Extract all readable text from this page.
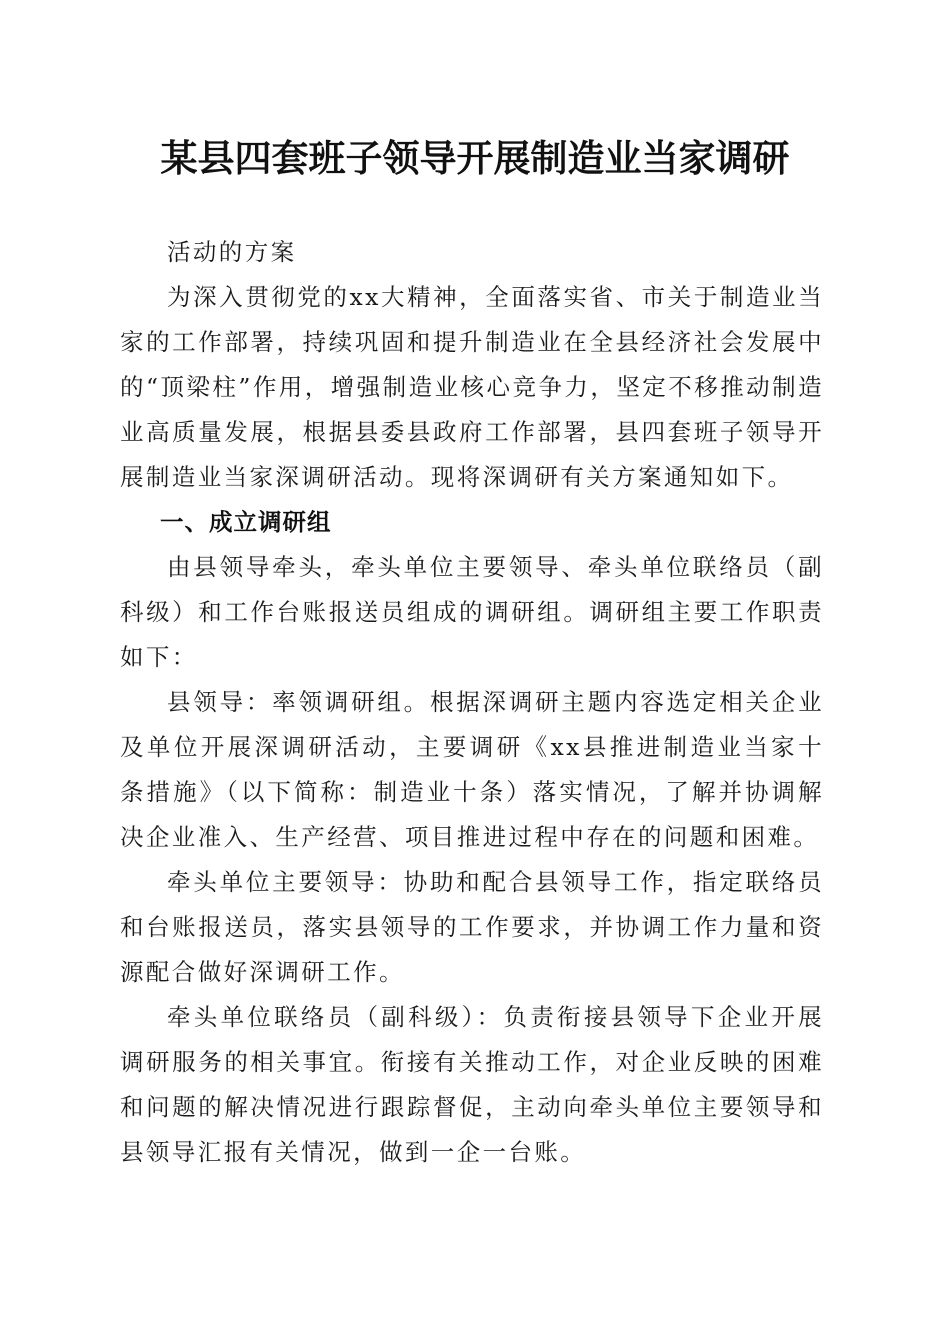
某县四套班子领导开展制造业当家调研

活动的方案

为深入贯彻党的xx大精神，全面落实省、市关于制造业当家的工作部署，持续巩固和提升制造业在全县经济社会发展中的“顶梁柱”作用，增强制造业核心竞争力，坚定不移推动制造业高质量发展，根据县委县政府工作部署，县四套班子领导开展制造业当家深调研活动。现将深调研有关方案通知如下。

一、成立调研组

由县领导牵头，牵头单位主要领导、牵头单位联络员（副科级）和工作台账报送员组成的调研组。调研组主要工作职责如下：

县领导：率领调研组。根据深调研主题内容选定相关企业及单位开展深调研活动，主要调研《xx县推进制造业当家十条措施》（以下简称：制造业十条）落实情况，了解并协调解决企业准入、生产经营、项目推进过程中存在的问题和困难。

牵头单位主要领导：协助和配合县领导工作，指定联络员和台账报送员，落实县领导的工作要求，并协调工作力量和资源配合做好深调研工作。

牵头单位联络员（副科级）：负责衔接县领导下企业开展调研服务的相关事宜。衔接有关推动工作，对企业反映的困难和问题的解决情况进行跟踪督促，主动向牵头单位主要领导和县领导汇报有关情况，做到一企一台账。
